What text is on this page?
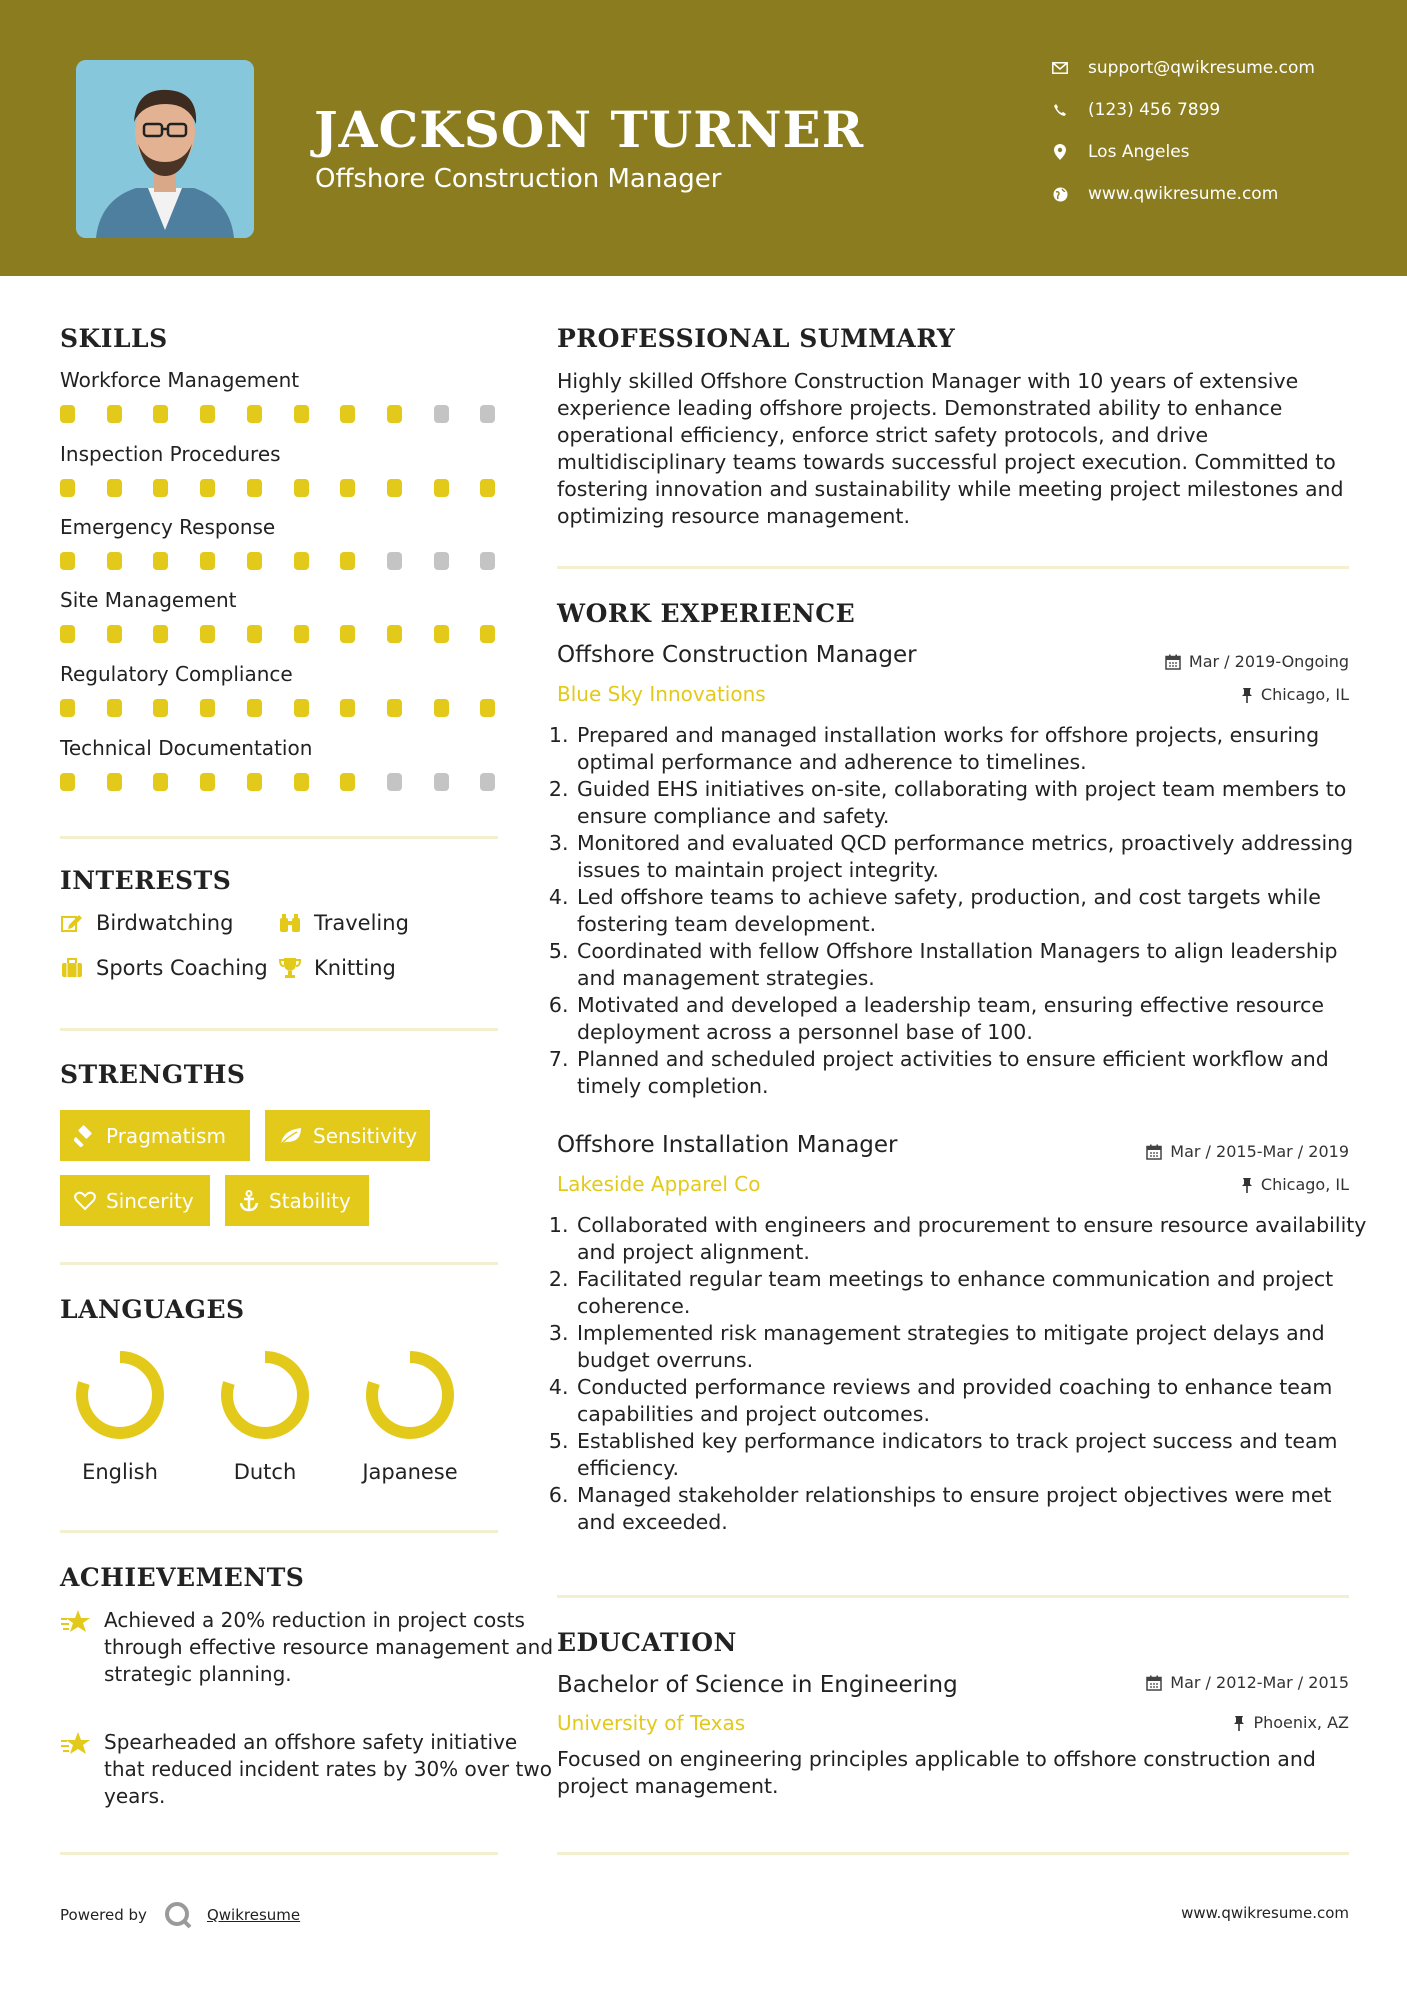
JACKSON TURNER
Offshore Construction Manager
support@qwikresume.com
(123) 456 7899
Los Angeles
www.qwikresume.com
SKILLS
Workforce Management
Inspection Procedures
Emergency Response
Site Management
Regulatory Compliance
Technical Documentation
INTERESTS
Birdwatching	Traveling
Sports Coaching Knitting
STRENGTHS
Pragmatism	Sensitivity
Sincerity	Stability
LANGUAGES
English	Dutch	Japanese
ACHIEVEMENTS
Achieved a 20% reduction in project costs through effective resource management and strategic planning.
Spearheaded an offshore safety initiative that reduced incident rates by 30% over two years.
PROFESSIONAL SUMMARY
Highly skilled Offshore Construction Manager with 10 years of extensive experience leading offshore projects. Demonstrated ability to enhance operational efficiency, enforce strict safety protocols, and drive multidisciplinary teams towards successful project execution. Committed to fostering innovation and sustainability while meeting project milestones and optimizing resource management.
WORK EXPERIENCE
Offshore Construction Manager	Mar / 2019-Ongoing
Blue Sky Innovations	Chicago, IL
1. Prepared and managed installation works for offshore projects, ensuring optimal performance and adherence to timelines.
2. Guided EHS initiatives on-site, collaborating with project team members to ensure compliance and safety.
3. Monitored and evaluated QCD performance metrics, proactively addressing issues to maintain project integrity.
4. Led offshore teams to achieve safety, production, and cost targets while fostering team development.
5. Coordinated with fellow Offshore Installation Managers to align leadership and management strategies.
6. Motivated and developed a leadership team, ensuring effective resource deployment across a personnel base of 100.
7. Planned and scheduled project activities to ensure efficient workflow and timely completion.
Offshore Installation Manager	Mar / 2015-Mar / 2019
Lakeside Apparel Co	Chicago, IL
1. Collaborated with engineers and procurement to ensure resource availability and project alignment.
2. Facilitated regular team meetings to enhance communication and project coherence.
3. Implemented risk management strategies to mitigate project delays and budget overruns.
4. Conducted performance reviews and provided coaching to enhance team capabilities and project outcomes.
5. Established key performance indicators to track project success and team efficiency.
6. Managed stakeholder relationships to ensure project objectives were met and exceeded.
EDUCATION
Bachelor of Science in Engineering	Mar / 2012-Mar / 2015
University of Texas	Phoenix, AZ
Focused on engineering principles applicable to offshore construction and project management.
Powered by	Qwikresume	www.qwikresume.com
